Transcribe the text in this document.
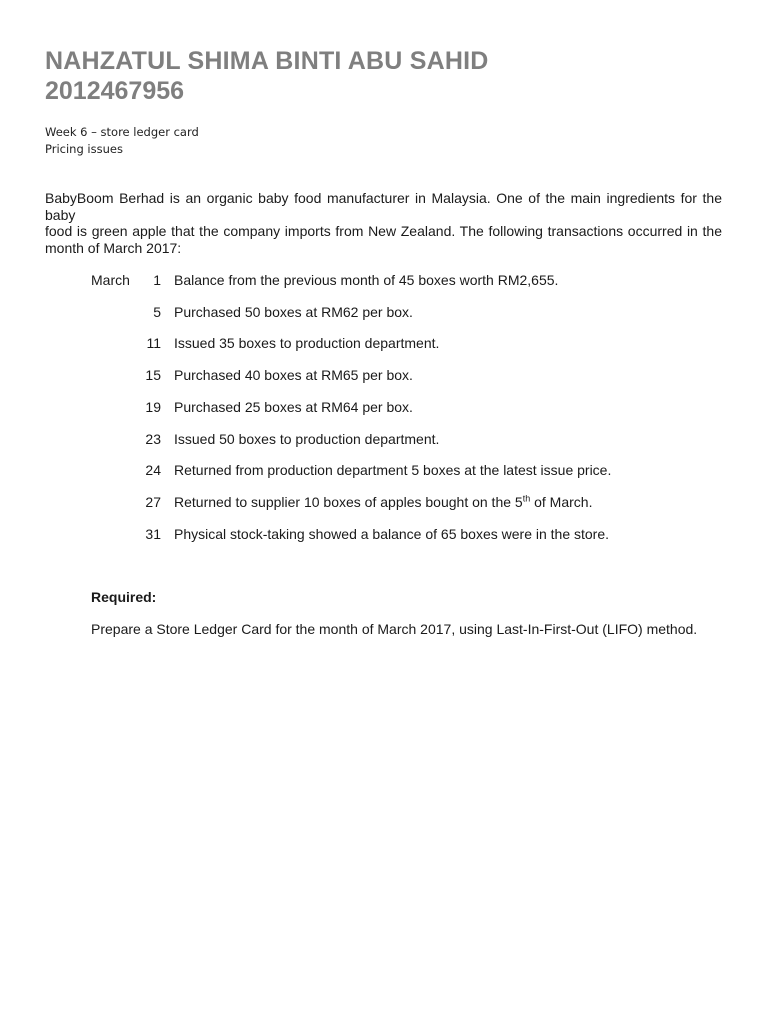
NAHZATUL SHIMA BINTI ABU SAHID
2012467956
Week 6 – store ledger card
Pricing issues
BabyBoom Berhad is an organic baby food manufacturer in Malaysia. One of the main ingredients for the baby
food is green apple that the company imports from New Zealand. The following transactions occurred in the
month of March 2017:
March 1 Balance from the previous month of 45 boxes worth RM2,655.
5 Purchased 50 boxes at RM62 per box.
11 Issued 35 boxes to production department.
15 Purchased 40 boxes at RM65 per box.
19 Purchased 25 boxes at RM64 per box.
23 Issued 50 boxes to production department.
24 Returned from production department 5 boxes at the latest issue price.
27 Returned to supplier 10 boxes of apples bought on the 5th of March.
31 Physical stock-taking showed a balance of 65 boxes were in the store.
Required:
Prepare a Store Ledger Card for the month of March 2017, using Last-In-First-Out (LIFO) method.
